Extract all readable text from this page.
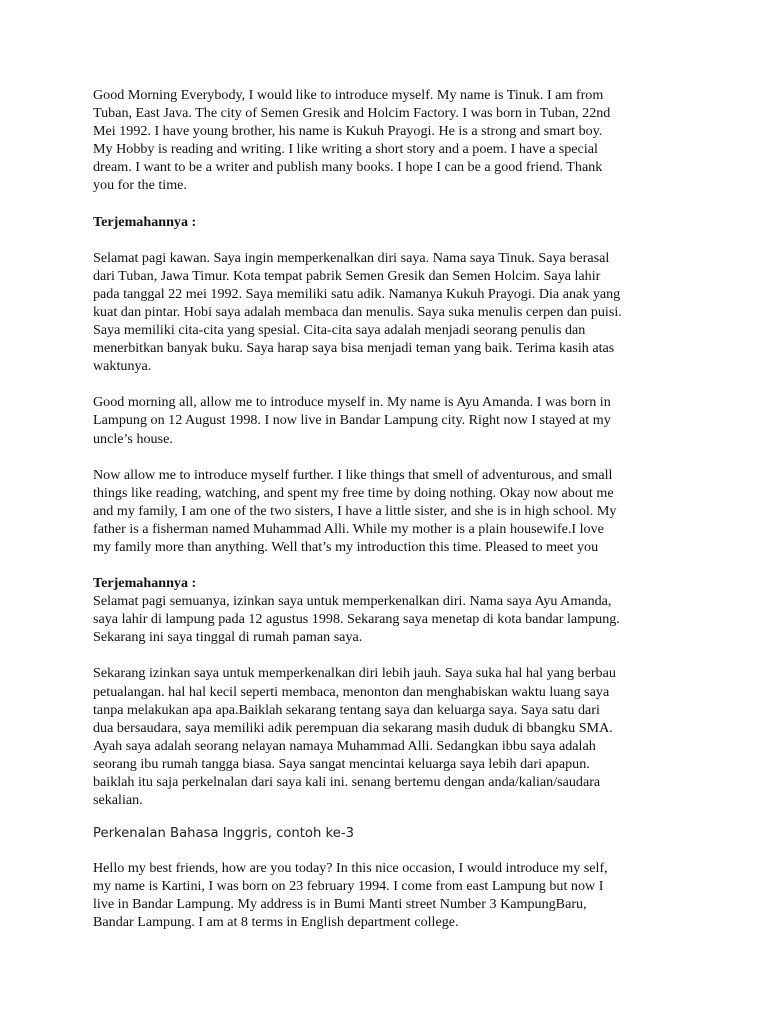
Good Morning Everybody, I would like to introduce myself. My name is Tinuk. I am from
Tuban, East Java. The city of Semen Gresik and Holcim Factory. I was born in Tuban, 22nd
Mei 1992. I have young brother, his name is Kukuh Prayogi. He is a strong and smart boy.
My Hobby is reading and writing. I like writing a short story and a poem. I have a special
dream. I want to be a writer and publish many books. I hope I can be a good friend. Thank
you for the time.

Terjemahannya :

Selamat pagi kawan. Saya ingin memperkenalkan diri saya. Nama saya Tinuk. Saya berasal
dari Tuban, Jawa Timur. Kota tempat pabrik Semen Gresik dan Semen Holcim. Saya lahir
pada tanggal 22 mei 1992. Saya memiliki satu adik. Namanya Kukuh Prayogi. Dia anak yang
kuat dan pintar. Hobi saya adalah membaca dan menulis. Saya suka menulis cerpen dan puisi.
Saya memiliki cita-cita yang spesial. Cita-cita saya adalah menjadi seorang penulis dan
menerbitkan banyak buku. Saya harap saya bisa menjadi teman yang baik. Terima kasih atas
waktunya.

Good morning all, allow me to introduce myself in. My name is Ayu Amanda. I was born in
Lampung on 12 August 1998. I now live in Bandar Lampung city. Right now I stayed at my
uncle’s house.

Now allow me to introduce myself further. I like things that smell of adventurous, and small
things like reading, watching, and spent my free time by doing nothing. Okay now about me
and my family, I am one of the two sisters, I have a little sister, and she is in high school. My
father is a fisherman named Muhammad Alli. While my mother is a plain housewife.I love
my family more than anything. Well that’s my introduction this time. Pleased to meet you

Terjemahannya :

Selamat pagi semuanya, izinkan saya untuk memperkenalkan diri. Nama saya Ayu Amanda,
saya lahir di lampung pada 12 agustus 1998. Sekarang saya menetap di kota bandar lampung.
Sekarang ini saya tinggal di rumah paman saya.

Sekarang izinkan saya untuk memperkenalkan diri lebih jauh. Saya suka hal hal yang berbau
petualangan. hal hal kecil seperti membaca, menonton dan menghabiskan waktu luang saya
tanpa melakukan apa apa.Baiklah sekarang tentang saya dan keluarga saya. Saya satu dari
dua bersaudara, saya memiliki adik perempuan dia sekarang masih duduk di bbangku SMA.
Ayah saya adalah seorang nelayan namaya Muhammad Alli. Sedangkan ibbu saya adalah
seorang ibu rumah tangga biasa. Saya sangat mencintai keluarga saya lebih dari apapun.
baiklah itu saja perkelnalan dari saya kali ini. senang bertemu dengan anda/kalian/saudara
sekalian.

Perkenalan Bahasa Inggris, contoh ke-3

Hello my best friends, how are you today? In this nice occasion, I would introduce my self,
my name is Kartini, I was born on 23 february 1994. I come from east Lampung but now I
live in Bandar Lampung. My address is in Bumi Manti street Number 3 KampungBaru,
Bandar Lampung. I am at 8 terms in English department college.
